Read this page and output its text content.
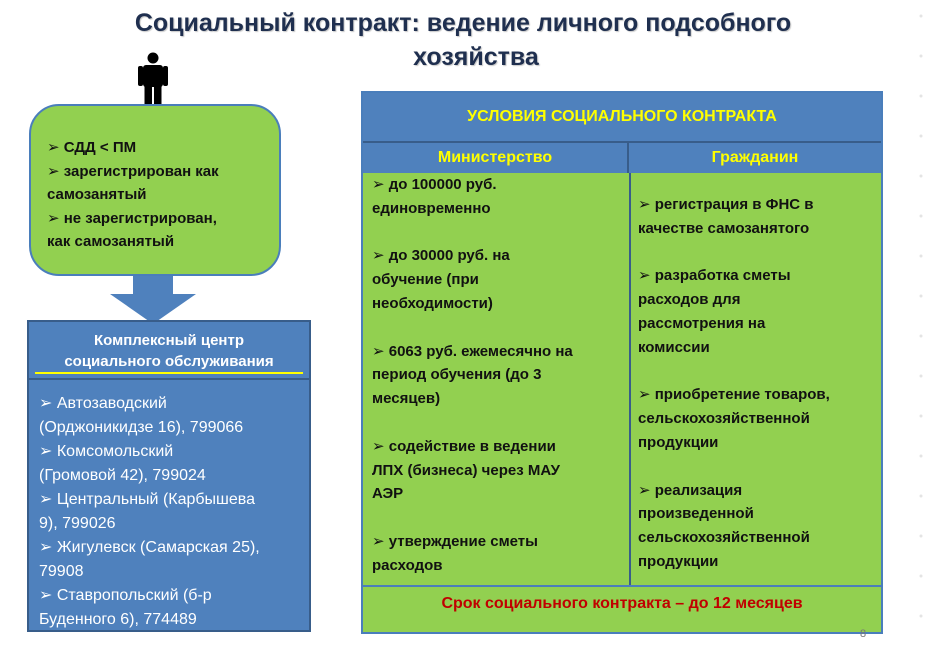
Социальный контракт: ведение личного подсобного
хозяйства
➢ СДД < ПМ
➢ зарегистрирован как
самозанятый
➢ не зарегистрирован,
как самозанятый
Комплексный центр
социального обслуживания
➢ Автозаводский
(Орджоникидзе 16), 799066
➢ Комсомольский
(Громовой 42), 799024
➢ Центральный (Карбышева
9), 799026
➢ Жигулевск (Самарская 25),
79908
➢ Ставропольский (б-р
Буденного 6), 774489
УСЛОВИЯ СОЦИАЛЬНОГО КОНТРАКТА
Министерство	Гражданин
➢ до 100000 руб.
единовременно
➢ до 30000 руб. на
обучение (при
необходимости)
➢ 6063 руб. ежемесячно на
период обучения (до 3
месяцев)
➢ содействие в ведении
ЛПХ (бизнеса) через МАУ
АЭР
➢ утверждение сметы
расходов
➢ регистрация в ФНС в
качестве самозанятого
➢ разработка сметы
расходов для
рассмотрения на
комиссии
➢ приобретение товаров,
сельскохозяйственной
продукции
➢ реализация
произведенной
сельскохозяйственной
продукции
Срок социального контракта – до 12 месяцев
8
